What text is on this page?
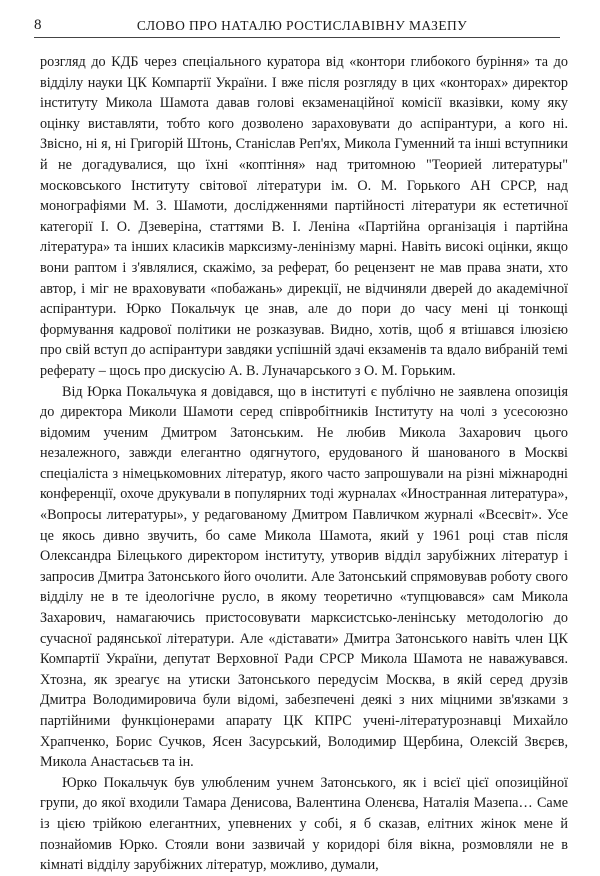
8	СЛОВО ПРО НАТАЛЮ РОСТИСЛАВІВНУ МАЗЕПУ

розгляд до КДБ через спеціального куратора від «контори глибокого буріння» та до відділу науки ЦК Компартії України. І вже після розгляду в цих «конторах» директор інституту Микола Шамота давав голові екзаменаційної комісії вказівки, кому яку оцінку виставляти, тобто кого дозволено зараховувати до аспірантури, а кого ні. Звісно, ні я, ні Григорій Штонь, Станіслав Реп'ях, Микола Гуменний та інші вступники й не догадувалися, що їхні «коптіння» над тритомною "Теорией литературы" московського Інституту світової літератури ім. О. М. Горького АН СРСР, над монографіями М. З. Шамоти, дослідженнями партійності літератури як естетичної категорії І. О. Дзеверіна, статтями В. І. Леніна «Партійна організація і партійна література» та інших класиків марксизму-ленінізму марні. Навіть високі оцінки, якщо вони раптом і з'являлися, скажімо, за реферат, бо рецензент не мав права знати, хто автор, і міг не враховувати «побажань» дирекції, не відчиняли дверей до академічної аспірантури. Юрко Покальчук це знав, але до пори до часу мені ці тонкощі формування кадрової політики не розказував. Видно, хотів, щоб я втішався ілюзією про свій вступ до аспірантури завдяки успішній здачі екзаменів та вдало вибраній темі реферату – щось про дискусію А. В. Луначарського з О. М. Горьким.

Від Юрка Покальчука я довідався, що в інституті є публічно не заявлена опозиція до директора Миколи Шамоти серед співробітників Інституту на чолі з усесоюзно відомим ученим Дмитром Затонським. Не любив Микола Захарович цього незалежного, завжди елегантно одягнутого, ерудованого й шанованого в Москві спеціаліста з німецькомовних літератур, якого часто запрошували на різні міжнародні конференції, охоче друкували в популярних тоді журналах «Иностранная литература», «Вопросы литературы», у редагованому Дмитром Павличком журналі «Всесвіт». Усе це якось дивно звучить, бо саме Микола Шамота, який у 1961 році став після Олександра Білецького директором інституту, утворив відділ зарубіжних літератур і запросив Дмитра Затонського його очолити. Але Затонський спрямовував роботу свого відділу не в те ідеологічне русло, в якому теоретично «тупцювався» сам Микола Захарович, намагаючись пристосовувати марксистсько-ленінську методологію до сучасної радянської літератури. Але «діставати» Дмитра Затонського навіть член ЦК Компартії України, депутат Верховної Ради СРСР Микола Шамота не наважувався. Хтозна, як зреагує на утиски Затонського передусім Москва, в якій серед друзів Дмитра Володимировича були відомі, забезпечені деякі з них міцними зв'язками з партійними функціонерами апарату ЦК КПРС учені-літературознавці Михайло Храпченко, Борис Сучков, Ясен Засурський, Володимир Щербина, Олексій Звєрєв, Микола Анастасьєв та ін.

Юрко Покальчук був улюбленим учнем Затонського, як і всієї цієї опозиційної групи, до якої входили Тамара Денисова, Валентина Оленєва, Наталія Мазепа… Саме із цією трійкою елегантних, упевнених у собі, я б сказав, елітних жінок мене й познайомив Юрко. Стояли вони зазвичай у коридорі біля вікна, розмовляли не в кімнаті відділу зарубіжних літератур, можливо, думали,
